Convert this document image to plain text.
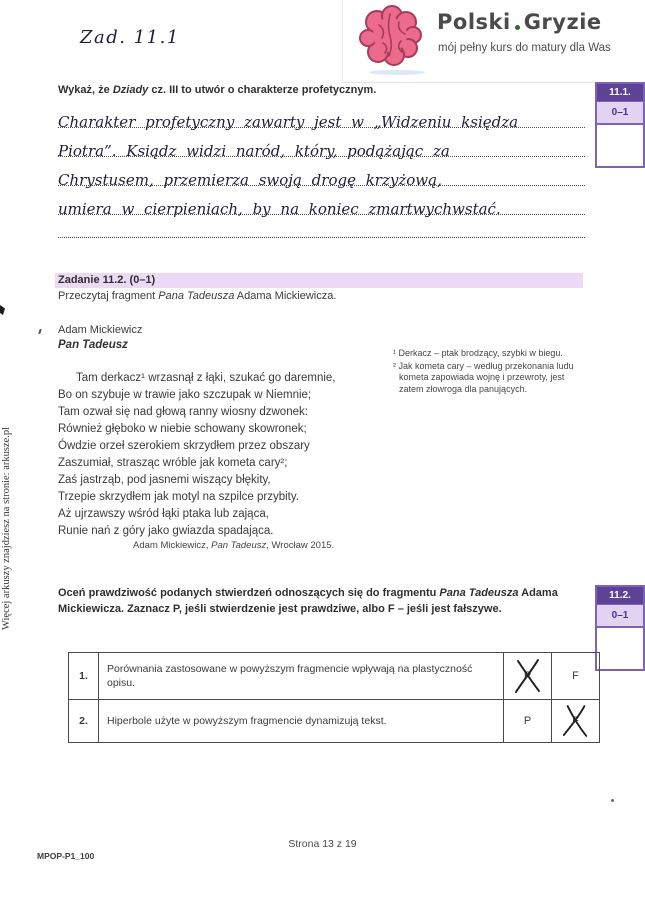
Więcej arkuszy znajdziesz na stronie: arkusze.pl
Zad. 11.1
Polski Gryzie
mój pełny kurs do matury dla Was
Wykaż, że Dziady cz. III to utwór o charakterze profetycznym.	11.1.
0–1
Charakter profetyczny zawarty jest w „Widzeniu księdza
Piotra”. Ksiądz widzi naród, który, podążając za
Chrystusem, przemierza swoją drogę krzyżową,
umiera w cierpieniach, by na koniec zmartwychwstać.
Zadanie 11.2. (0–1)
Przeczytaj fragment Pana Tadeusza Adama Mickiewicza.
Adam Mickiewicz
Pan Tadeusz
Tam derkacz¹ wrzasnął z łąki, szukać go daremnie,
Bo on szybuje w trawie jako szczupak w Niemnie;
Tam ozwał się nad głową ranny wiosny dzwonek:
Również głęboko w niebie schowany skowronek;
Ówdzie orzeł szerokiem skrzydłem przez obszary
Zaszumiał, strasząc wróble jak kometa cary²;
Zaś jastrząb, pod jasnemi wiszący błękity,
Trzepie skrzydłem jak motyl na szpilce przybity.
Aż ujrzawszy wśród łąki ptaka lub zająca,
Runie nań z góry jako gwiazda spadająca.
¹ Derkacz – ptak brodzący, szybki w biegu.
² Jak kometa cary – według przekonania ludu kometa zapowiada wojnę i przewroty, jest zatem złowroga dla panujących.
Adam Mickiewicz, Pan Tadeusz, Wrocław 2015.
Oceń prawdziwość podanych stwierdzeń odnoszących się do fragmentu Pana Tadeusza Adama Mickiewicza. Zaznacz P, jeśli stwierdzenie jest prawdziwe, albo F – jeśli jest fałszywe.
11.2.
0–1
1.	Porównania zastosowane w powyższym fragmencie wpływają na plastyczność opisu.	P	F
2.	Hiperbole użyte w powyższym fragmencie dynamizują tekst.	P	F
Strona 13 z 19
MPOP-P1_100
